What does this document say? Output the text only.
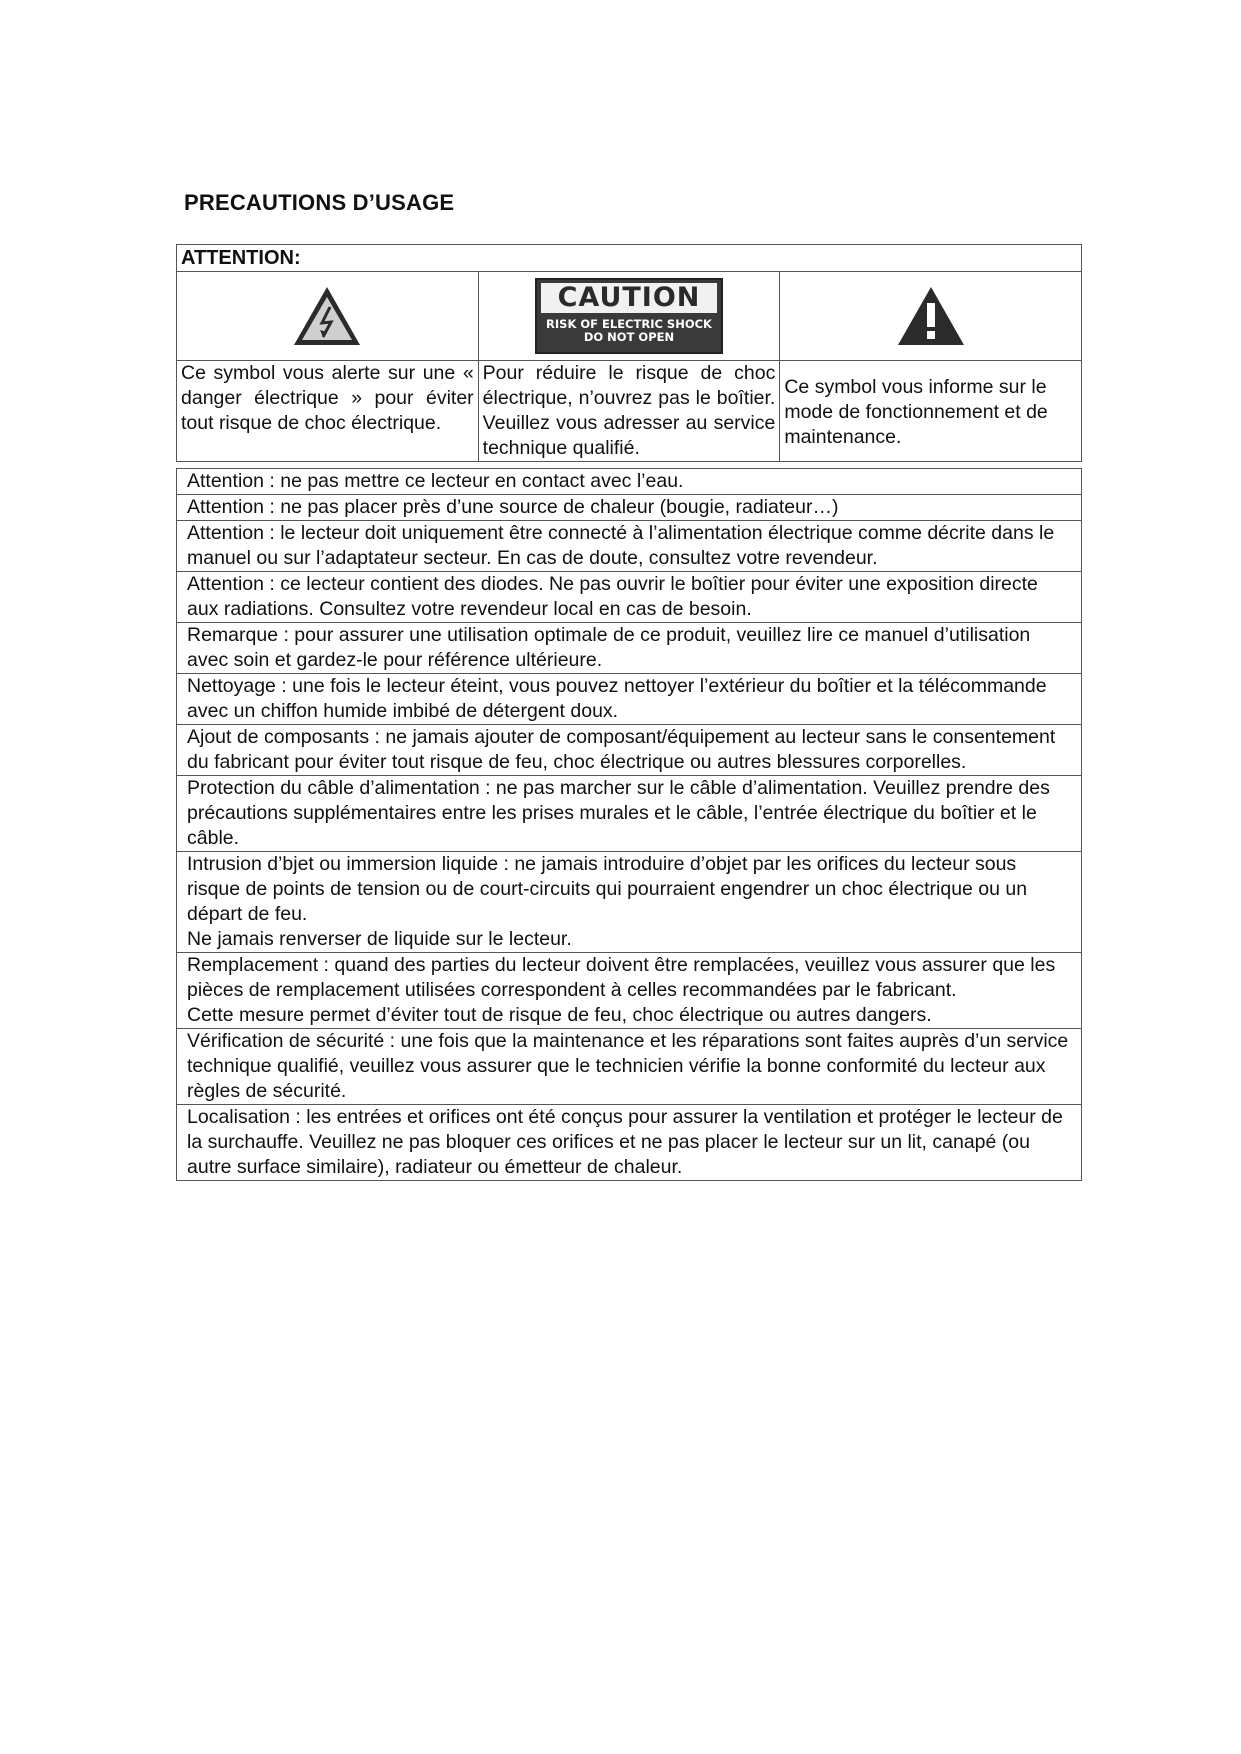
PRECAUTIONS D’USAGE
ATTENTION:
Ce symbol vous alerte sur une « danger électrique » pour éviter tout risque de choc électrique.
CAUTION
RISK OF ELECTRIC SHOCK
DO NOT OPEN
Pour réduire le risque de choc électrique, n’ouvrez pas le boîtier. Veuillez vous adresser au service technique qualifié.
Ce symbol vous informe sur le mode de fonctionnement et de maintenance.

Attention : ne pas mettre ce lecteur en contact avec l’eau.

Attention : ne pas placer près d’une source de chaleur (bougie, radiateur…)

Attention : le lecteur doit uniquement être connecté à l’alimentation électrique comme décrite dans le manuel ou sur l’adaptateur secteur. En cas de doute, consultez votre revendeur.

Attention : ce lecteur contient des diodes. Ne pas ouvrir le boîtier pour éviter une exposition directe aux radiations. Consultez votre revendeur local en cas de besoin.

Remarque : pour assurer une utilisation optimale de ce produit, veuillez lire ce manuel d’utilisation avec soin et gardez-le pour référence ultérieure.

Nettoyage : une fois le lecteur éteint, vous pouvez nettoyer l’extérieur du boîtier et la télécommande avec un chiffon humide imbibé de détergent doux.

Ajout de composants : ne jamais ajouter de composant/équipement au lecteur sans le consentement du fabricant pour éviter tout risque de feu, choc électrique ou autres blessures corporelles.

Protection du câble d’alimentation : ne pas marcher sur le câble d’alimentation. Veuillez prendre des précautions supplémentaires entre les prises murales et le câble, l’entrée électrique du boîtier et le câble.

Intrusion d’bjet ou immersion liquide : ne jamais introduire d’objet par les orifices du lecteur sous risque de points de tension ou de court-circuits qui pourraient engendrer un choc électrique ou un départ de feu.

Ne jamais renverser de liquide sur le lecteur.

Remplacement : quand des parties du lecteur doivent être remplacées, veuillez vous assurer que les pièces de remplacement utilisées correspondent à celles recommandées par le fabricant.

Cette mesure permet d’éviter tout de risque de feu, choc électrique ou autres dangers.

Vérification de sécurité : une fois que la maintenance et les réparations sont faites auprès d’un service technique qualifié, veuillez vous assurer que le technicien vérifie la bonne conformité du lecteur aux règles de sécurité.

Localisation : les entrées et orifices ont été conçus pour assurer la ventilation et protéger le lecteur de la surchauffe. Veuillez ne pas bloquer ces orifices et ne pas placer le lecteur sur un lit, canapé (ou autre surface similaire), radiateur ou émetteur de chaleur.
